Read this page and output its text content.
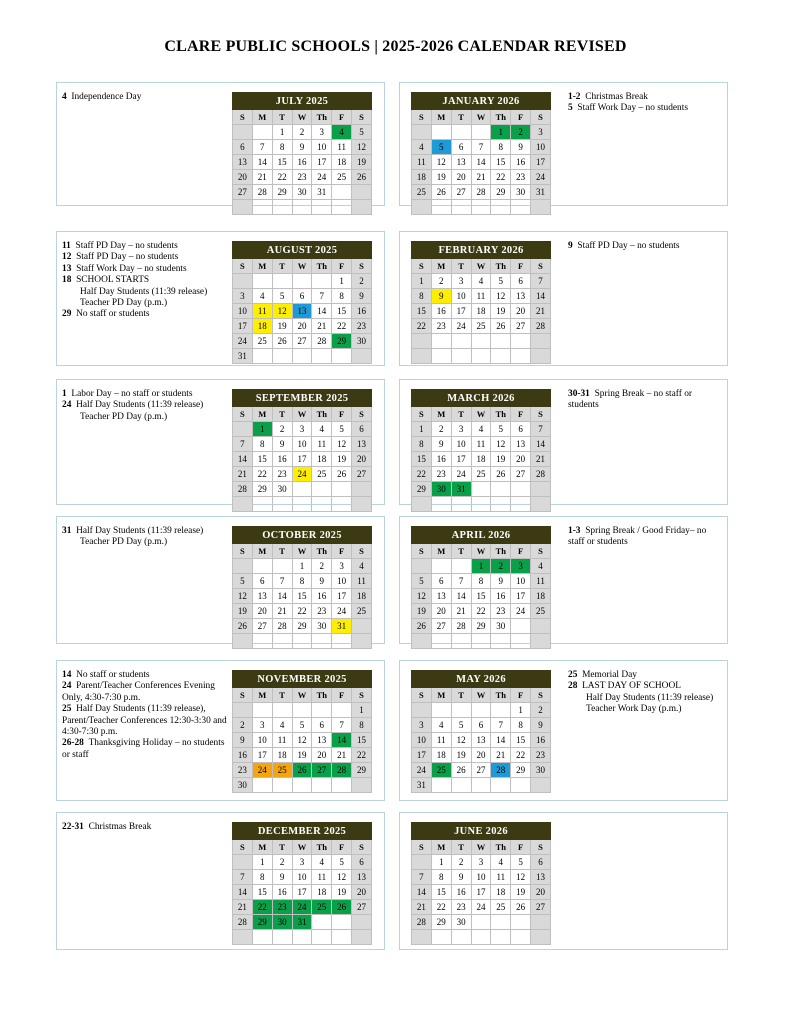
CLARE PUBLIC SCHOOLS | 2025-2026 CALENDAR REVISED
4 Independence Day	JULY 2025						
S	M	T	W	Th	F	S
		1	2	3	4	5
6	7	8	9	10	11	12
13	14	15	16	17	18	19
20	21	22	23	24	25	26
27	28	29	30	31		

1-2 Christmas Break
5 Staff Work Day – no students
JANUARY 2026						
S	M	T	W	Th	F	S
				1	2	3
4	5	6	7	8	9	10
11	12	13	14	15	16	17
18	19	20	21	22	23	24
25	26	27	28	29	30	31

11 Staff PD Day – no students
12 Staff PD Day – no students
13 Staff Work Day – no students
18 SCHOOL STARTS
Half Day Students (11:39 release)
Teacher PD Day (p.m.)
29 No staff or students
AUGUST 2025						
S	M	T	W	Th	F	S
					1	2
3	4	5	6	7	8	9
10	11	12	13	14	15	16
17	18	19	20	21	22	23
24	25	26	27	28	29	30
31						
9 Staff PD Day – no students
FEBRUARY 2026						
S	M	T	W	Th	F	S
1	2	3	4	5	6	7
8	9	10	11	12	13	14
15	16	17	18	19	20	21
22	23	24	25	26	27	28

1 Labor Day – no staff or students
24 Half Day Students (11:39 release)
Teacher PD Day (p.m.)
SEPTEMBER 2025						
S	M	T	W	Th	F	S
	1	2	3	4	5	6
7	8	9	10	11	12	13
14	15	16	17	18	19	20
21	22	23	24	25	26	27
28	29	30				

30-31 Spring Break – no staff or students
MARCH 2026						
S	M	T	W	Th	F	S
1	2	3	4	5	6	7
8	9	10	11	12	13	14
15	16	17	18	19	20	21
22	23	24	25	26	27	28
29	30	31				

31 Half Day Students (11:39 release)
Teacher PD Day (p.m.)
OCTOBER 2025						
S	M	T	W	Th	F	S
			1	2	3	4
5	6	7	8	9	10	11
12	13	14	15	16	17	18
19	20	21	22	23	24	25
26	27	28	29	30	31	

1-3 Spring Break / Good Friday– no staff or students
APRIL 2026						
S	M	T	W	Th	F	S
			1	2	3	4
5	6	7	8	9	10	11
12	13	14	15	16	17	18
19	20	21	22	23	24	25
26	27	28	29	30		

14 No staff or students
24 Parent/Teacher Conferences Evening Only, 4:30-7:30 p.m.
25 Half Day Students (11:39 release), Parent/Teacher Conferences 12:30-3:30 and 4:30-7:30 p.m.
26-28 Thanksgiving Holiday – no students or staff
NOVEMBER 2025						
S	M	T	W	Th	F	S
						1
2	3	4	5	6	7	8
9	10	11	12	13	14	15
16	17	18	19	20	21	22
23	24	25	26	27	28	29
30						
25 Memorial Day
28 LAST DAY OF SCHOOL
Half Day Students (11:39 release)
Teacher Work Day (p.m.)
MAY 2026						
S	M	T	W	Th	F	S
					1	2
3	4	5	6	7	8	9
10	11	12	13	14	15	16
17	18	19	20	21	22	23
24	25	26	27	28	29	30
31						
22-31 Christmas Break	DECEMBER 2025						
S	M	T	W	Th	F	S
	1	2	3	4	5	6
7	8	9	10	11	12	13
14	15	16	17	18	19	20
21	22	23	24	25	26	27
28	29	30	31			

JUNE 2026						
S	M	T	W	Th	F	S
	1	2	3	4	5	6
7	8	9	10	11	12	13
14	15	16	17	18	19	20
21	22	23	24	25	26	27
28	29	30				
